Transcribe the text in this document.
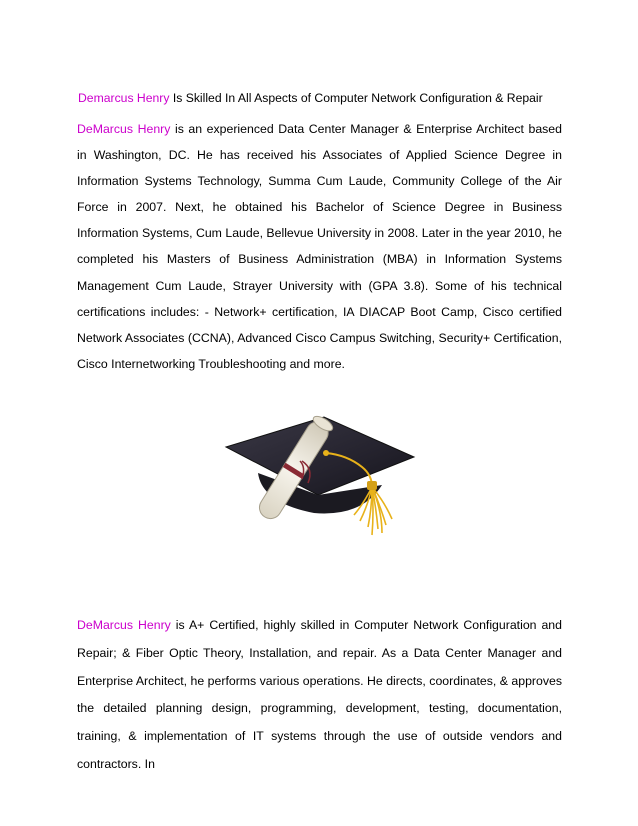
Demarcus Henry Is Skilled In All Aspects of Computer Network Configuration & Repair
DeMarcus Henry is an experienced Data Center Manager & Enterprise Architect based in Washington, DC. He has received his Associates of Applied Science Degree in Information Systems Technology, Summa Cum Laude, Community College of the Air Force in 2007. Next, he obtained his Bachelor of Science Degree in Business Information Systems, Cum Laude, Bellevue University in 2008. Later in the year 2010, he completed his Masters of Business Administration (MBA) in Information Systems Management Cum Laude, Strayer University with (GPA 3.8). Some of his technical certifications includes: - Network+ certification, IA DIACAP Boot Camp, Cisco certified Network Associates (CCNA), Advanced Cisco Campus Switching, Security+ Certification, Cisco Internetworking Troubleshooting and more.
DeMarcus Henry is A+ Certified, highly skilled in Computer Network Configuration and Repair; & Fiber Optic Theory, Installation, and repair. As a Data Center Manager and Enterprise Architect, he performs various operations. He directs, coordinates, & approves the detailed planning design, programming, development, testing, documentation, training, & implementation of IT systems through the use of outside vendors and contractors. In
